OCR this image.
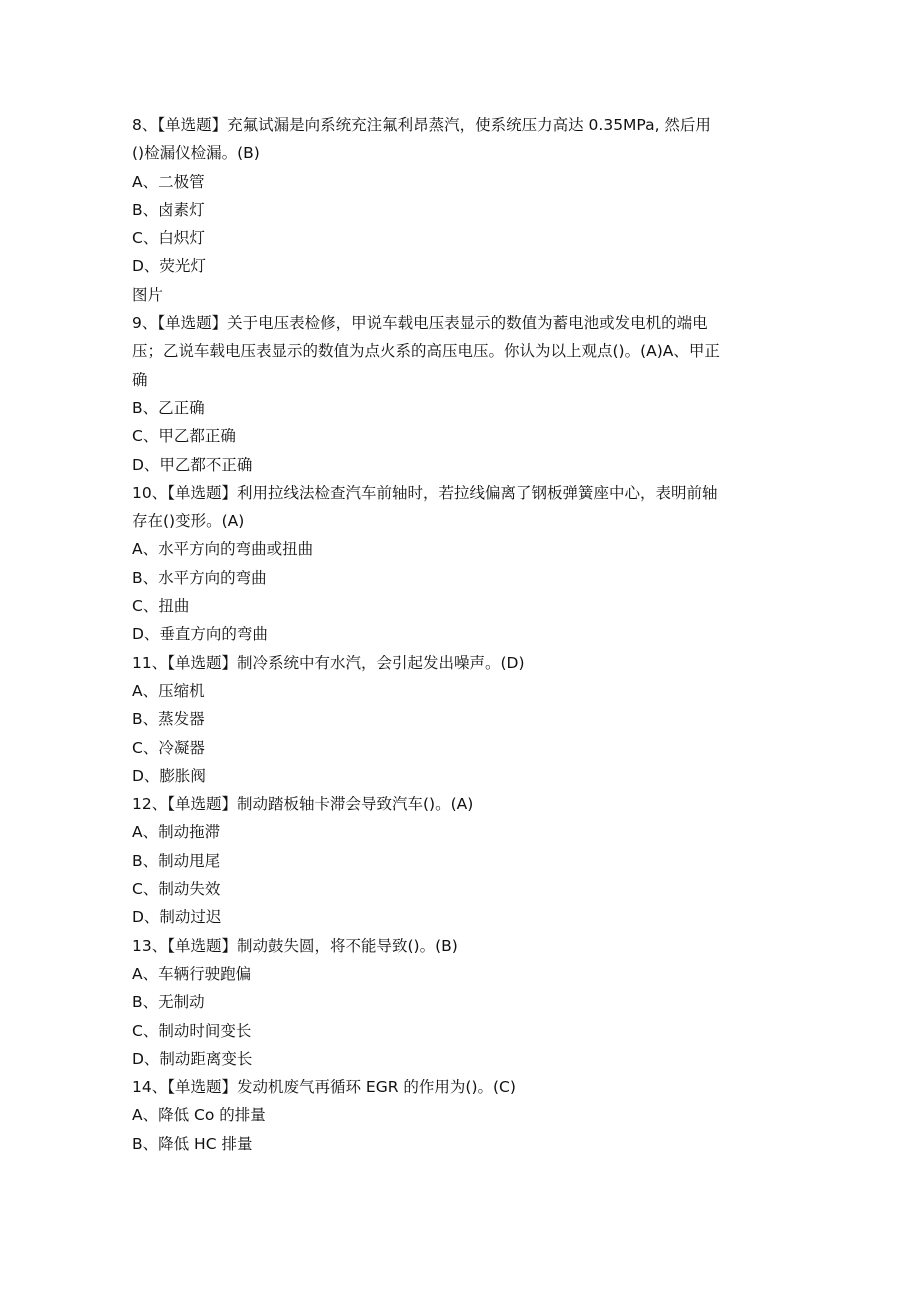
8、【单选题】充氟试漏是向系统充注氟利昂蒸汽，使系统压力高达 0.35MPa, 然后用
()检漏仪检漏。(B)
A、二极管
B、卤素灯
C、白炽灯
D、荧光灯
图片
9、【单选题】关于电压表检修，甲说车载电压表显示的数值为蓄电池或发电机的端电
压；乙说车载电压表显示的数值为点火系的高压电压。你认为以上观点()。(A)A、甲正
确
B、乙正确
C、甲乙都正确
D、甲乙都不正确
10、【单选题】利用拉线法检查汽车前轴时，若拉线偏离了钢板弹簧座中心，表明前轴
存在()变形。(A)
A、水平方向的弯曲或扭曲
B、水平方向的弯曲
C、扭曲
D、垂直方向的弯曲
11、【单选题】制冷系统中有水汽，会引起发出噪声。(D)
A、压缩机
B、蒸发器
C、冷凝器
D、膨胀阀
12、【单选题】制动踏板轴卡滞会导致汽车()。(A)
A、制动拖滞
B、制动甩尾
C、制动失效
D、制动过迟
13、【单选题】制动鼓失圆，将不能导致()。(B)
A、车辆行驶跑偏
B、无制动
C、制动时间变长
D、制动距离变长
14、【单选题】发动机废气再循环 EGR 的作用为()。(C)
A、降低 Co 的排量
B、降低 HC 排量
